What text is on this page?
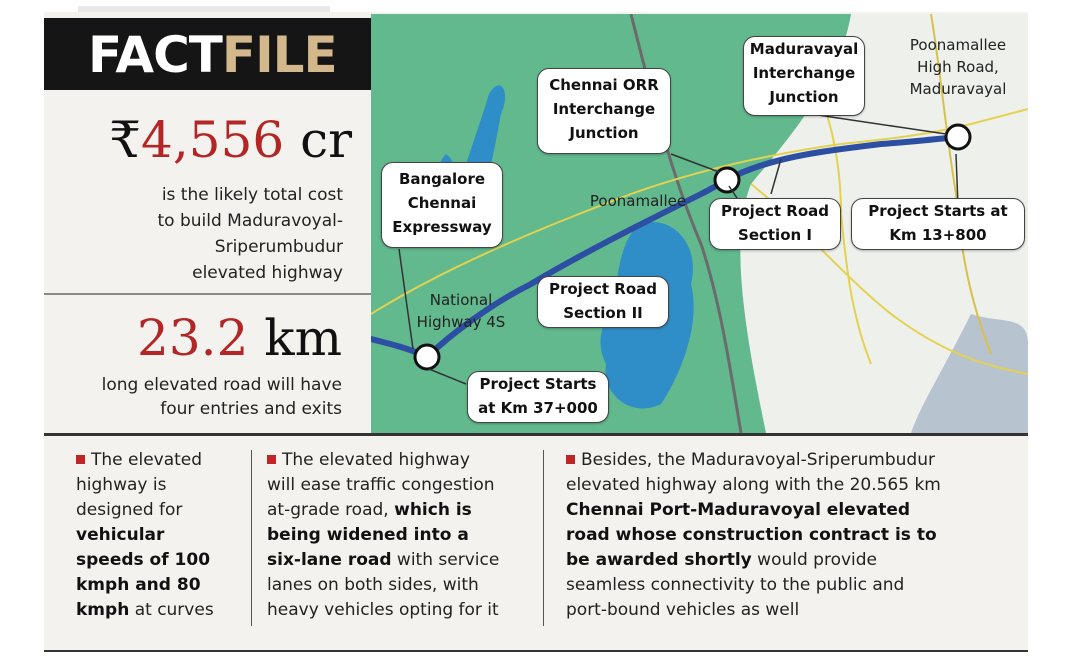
FACTFILE
₹4,556 cr
is the likely total cost
to build Maduravoyal-
Sriperumbudur
elevated highway
23.2 km
long elevated road will have
four entries and exits
Maduravayal
Interchange
Junction
Chennai ORR
Interchange
Junction
Bangalore
Chennai
Expressway
Project Road
Section I
Project Starts at
Km 13+800
Project Road
Section II
Project Starts
at Km 37+000
Poonamallee
High Road,
Maduravayal
Poonamallee
National
Highway 4S
The elevated
highway is
designed for
vehicular
speeds of 100
kmph and 80
kmph at curves
The elevated highway
will ease traffic congestion
at-grade road, which is
being widened into a
six-lane road with service
lanes on both sides, with
heavy vehicles opting for it
Besides, the Maduravoyal-Sriperumbudur
elevated highway along with the 20.565 km
Chennai Port-Maduravoyal elevated
road whose construction contract is to
be awarded shortly would provide
seamless connectivity to the public and
port-bound vehicles as well
